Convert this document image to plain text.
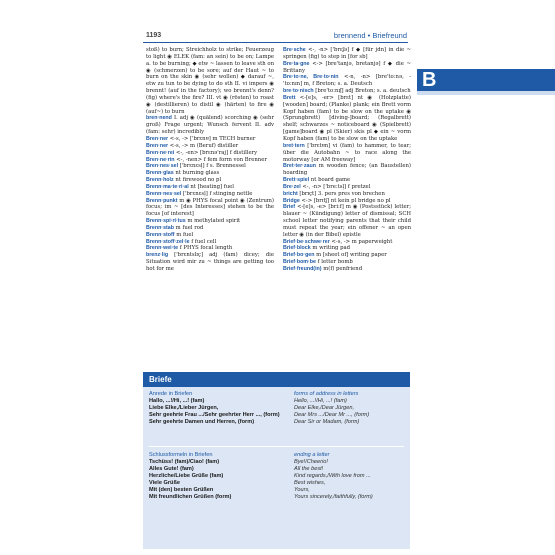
1193	brennend • Briefreund
B

stoß) to burn; Streichholz to strike; Feuerzeug to light ◉ ELEK (fam: an sein) to be on; Lampe a. to be burning; ◆ etw ~ lassen to leave sth on ◉ (schmerzen) to be sore; auf der Haut ~ to burn on the skin ◉ (sehr wollen) ◆ darauf ~, etw zu tun to be dying to do sth II. vi impers ◉ brennt! (auf in the factory); wo brennt's denn? (fig) where's the fire? III. vt ◉ (rösten) to roast ◉ (destillieren) to distil ◉ (härten) to fire ◉ (auf~) to burn

bren·nend I. adj ◉ (quälend) scorching ◉ (sehr groß) Frage urgent; Wunsch fervent II. adv (fam: sehr) incredibly

Bren·ner <-s, -> ['brɛnɐ] m TECH burner

Bren·ner <-s, -> m (Beruf) distiller

Bren·ne·rei <-, -en> [brɛnə'raj] f distillery

Bren·ne·rin <-, -nen> f fem form von Brenner

Bren·nes·sel ['brɛnɛsl̩] f s. Brennessel

Brenn·glas nt burning glass

Brenn·holz nt firewood no pl

Brenn·ma·te·ri·al nt [heating] fuel

Brenn·nes·sel ['brɛnɛsl̩] f stinging nettle

Brenn·punkt m ◉ PHYS focal point ◉ (Zentrum) focus; im ~ [des Interesses] stehen to be the focus [of interest]

Brenn·spi·ri·tus m methylated spirit

Brenn·stab m fuel rod

Brenn·stoff m fuel

Brenn·stoff·zel·le f fuel cell

Brenn·wei·te f PHYS focal length

brenz·lig ['brɛntslɪç] adj (fam) dicey; die Situation wird mir zu ~ things are getting too hot for me

Bre·sche <-, -n> ['brɛʃə] f ◆ [für jdn] in die ~ springen (fig) to step in [for sb]

Bre·ta·gne <-> [bre'tanjə, bretanjə] f ◆ die ~ Brittany

Bre·to·ne, Bre·to·nin <-n, -n> [bre'to:nə, -'to:nɪn] m, f Breton; s. a. Deutsch

bre·to·nisch [bre'to:nɪʃ] adj Breton; s. a. deutsch

Brett <-[e]s, -er> [brɛt] nt ◉ (Holzplatte) [wooden] board; (Planke) plank; ein Brett vorm Kopf haben (fam) to be slow on the uptake ◉ (Sprungbrett) [diving-]board; (Regalbrett) shelf; schwarzes ~ noticeboard ◉ (Spielbrett) [game]board ◉ pl (Skier) skis pl ◆ ein ~ vorm Kopf haben (fam) to be slow on the uptake

bret·tern ['brɛtɐn] vi (fam) to hammer, to tear; über die Autobahn ~ to race along the motorway [or AM freeway]

Bret·ter·zaun m wooden fence; (an Baustellen) hoarding

Brett·spiel nt board game

Bre·zel <-, -n> ['bre:tsl̩] f pretzel

bricht [brɪçt] 3. pers pres von brechen

Bridge <-> [brɪtʃ] nt kein pl bridge no pl

Brief <-[e]s, -e> [bri:f] m ◉ (Postsstück) letter; blauer ~ (Kündigung) letter of dismissal; SCH school letter notifying parents that their child must repeat the year; ein offener ~ an open letter ◉ (in der Bibel) epistle

Brief·be·schwe·rer <-s, -> m paperweight

Brief·block m writing pad

Brief·bo·gen m [sheet of] writing paper

Brief·bom·be f letter bomb

Brief·freund(in) m(f) penfriend

Briefe
Anrede in Briefen	forms of address in letters
Hallo, ...!/Hi, ...! (fam)	Hello, ...!/Hi, ...! (fam)
Liebe Elke,/Lieber Jürgen,	Dear Elke,/Dear Jürgen,
Sehr geehrte Frau .../Sehr geehrter Herr ..., (form)	Dear Mrs .../Dear Mr ..., (form)
Sehr geehrte Damen und Herren, (form)	Dear Sir or Madam, (form)
Schlussformeln in Briefen	ending a letter
Tschüss! (fam)/Ciao! (fam)	Bye!/Cheerio!
Alles Gute! (fam)	All the best!
Herzliche/Liebe Grüße (fam)	Kind regards,/With love from ...
Viele Grüße	Best wishes,
Mit (den) besten Grüßen	Yours,
Mit freundlichen Grüßen (form)	Yours sincerely,/faithfully, (form)
